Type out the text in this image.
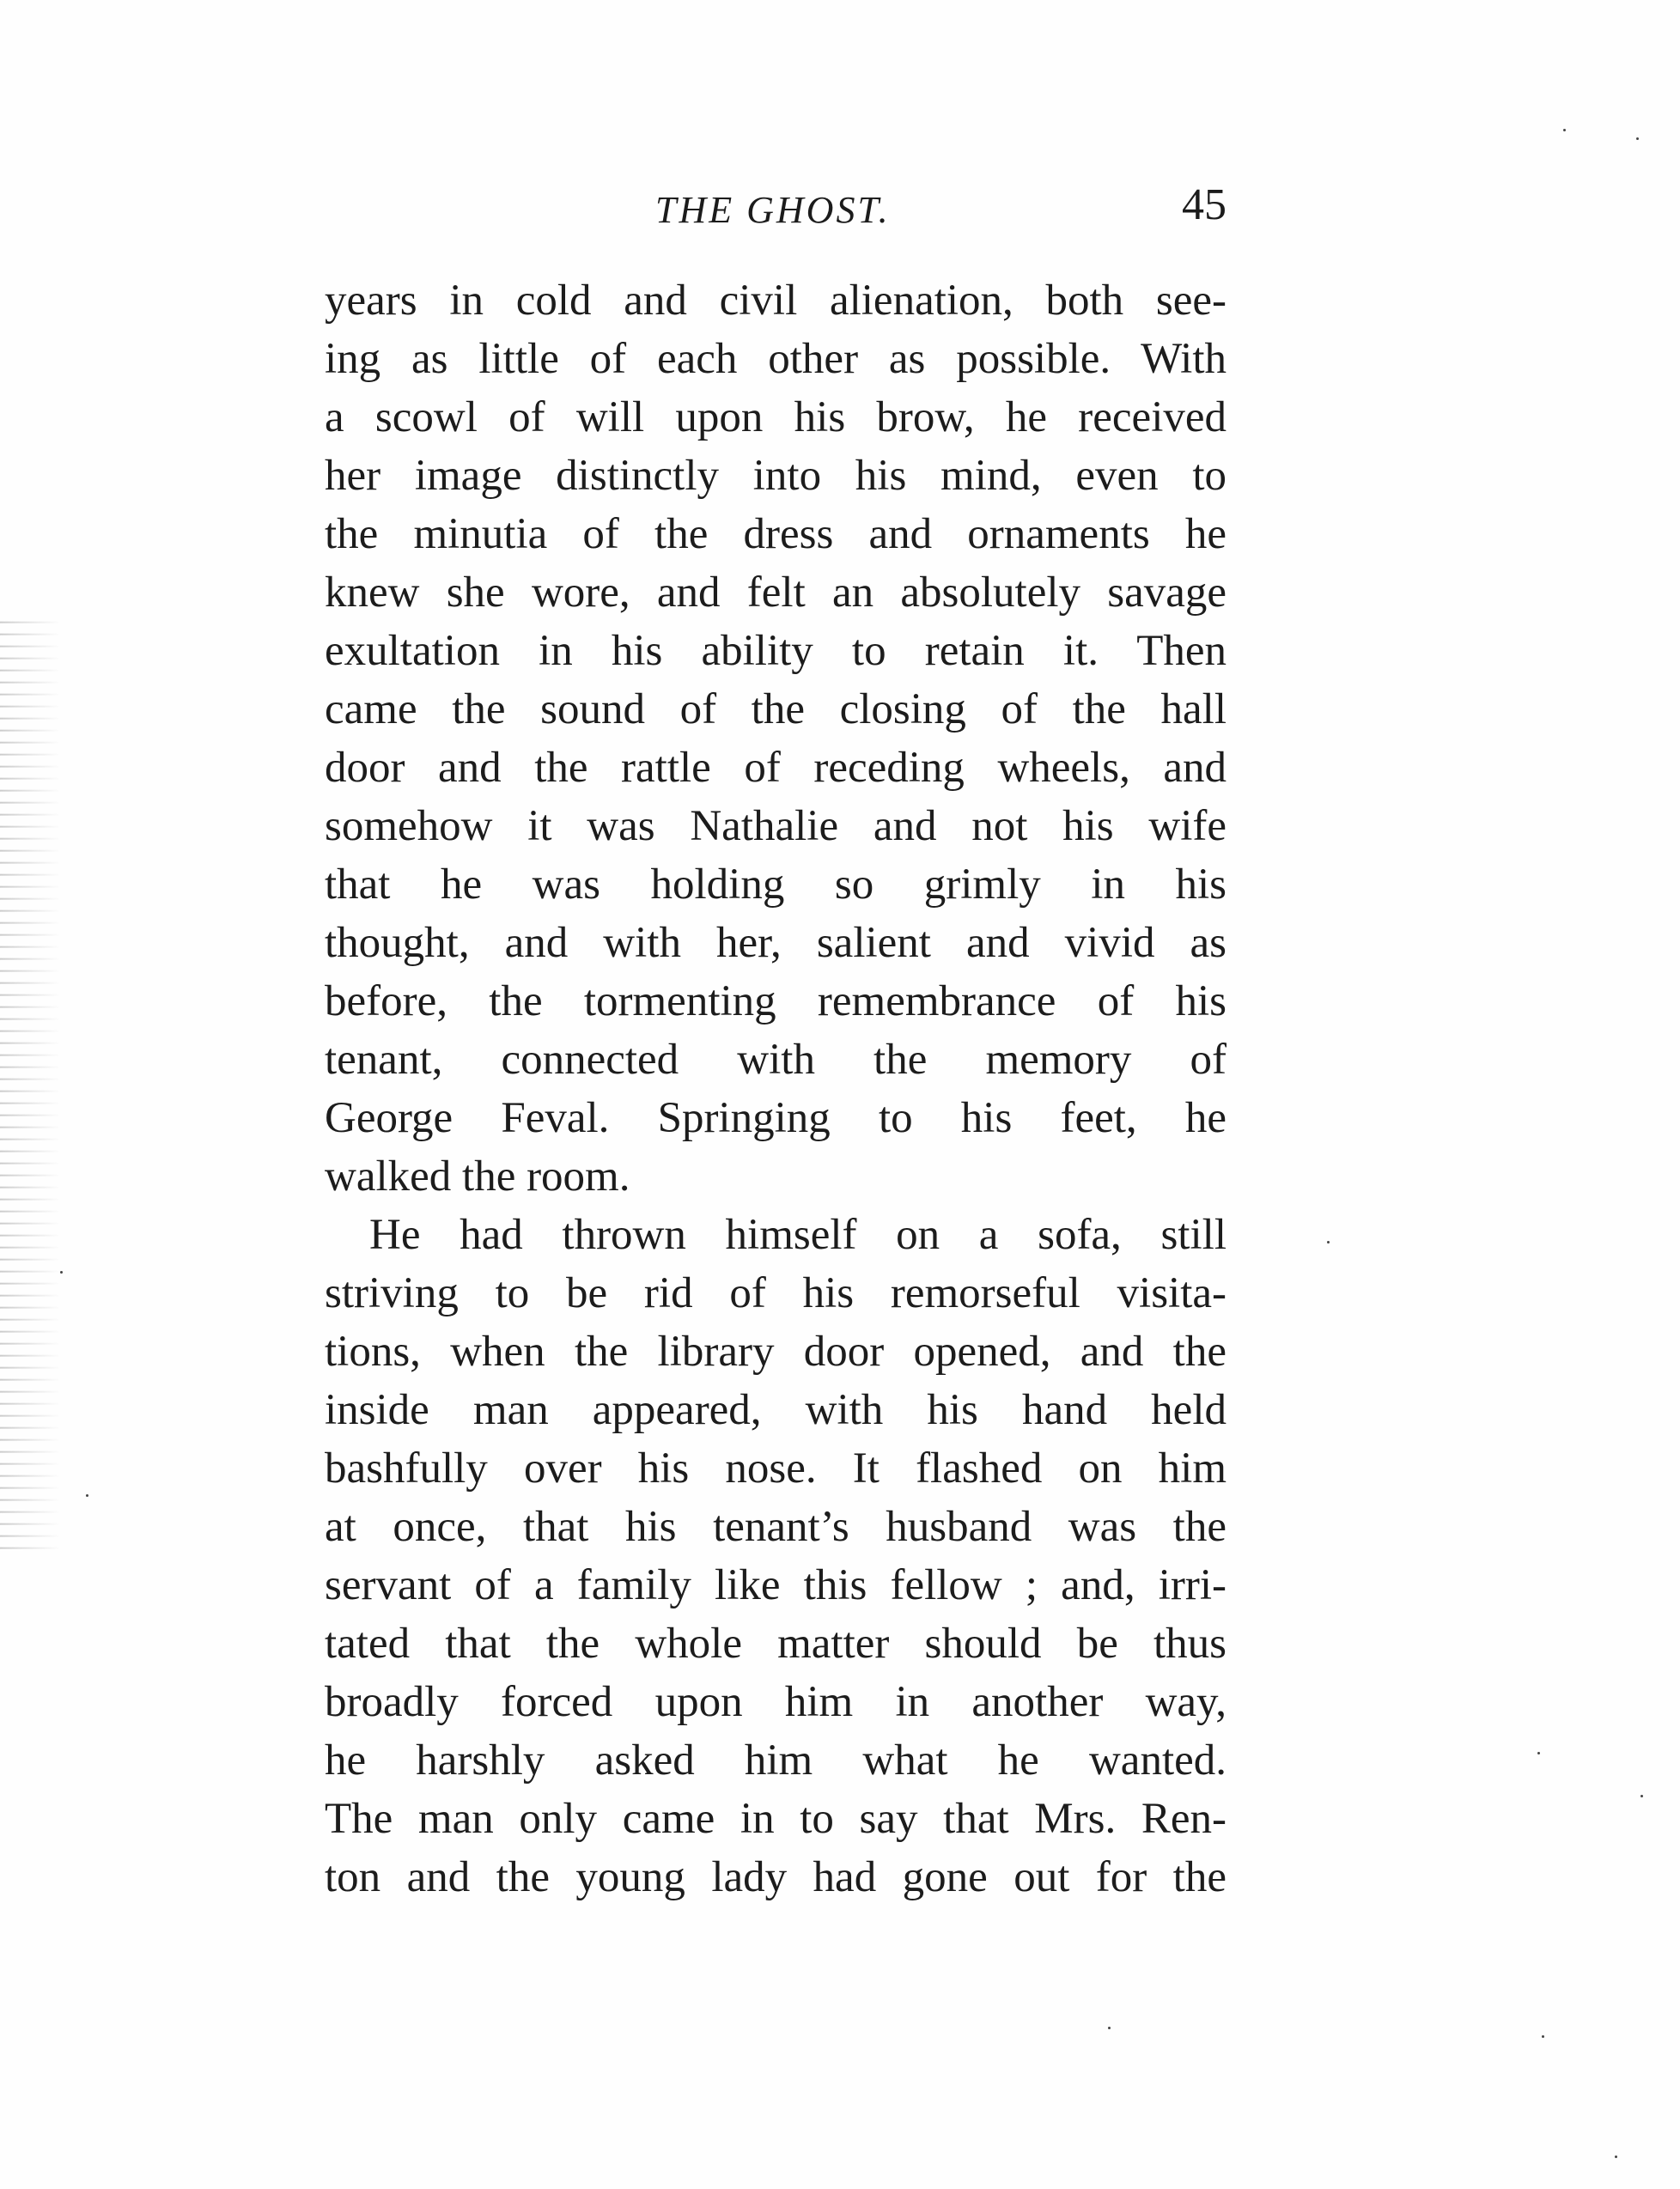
THE GHOST.	45
years in cold and civil alienation, both see-
ing as little of each other as possible. With
a scowl of will upon his brow, he received
her image distinctly into his mind, even to
the minutia of the dress and ornaments he
knew she wore, and felt an absolutely savage
exultation in his ability to retain it. Then
came the sound of the closing of the hall
door and the rattle of receding wheels, and
somehow it was Nathalie and not his wife
that he was holding so grimly in his
thought, and with her, salient and vivid as
before, the tormenting remembrance of his
tenant, connected with the memory of
George Feval. Springing to his feet, he
walked the room.
He had thrown himself on a sofa, still
striving to be rid of his remorseful visita-
tions, when the library door opened, and the
inside man appeared, with his hand held
bashfully over his nose. It flashed on him
at once, that his tenant’s husband was the
servant of a family like this fellow ; and, irri-
tated that the whole matter should be thus
broadly forced upon him in another way,
he harshly asked him what he wanted.
The man only came in to say that Mrs. Ren-
ton and the young lady had gone out for the
